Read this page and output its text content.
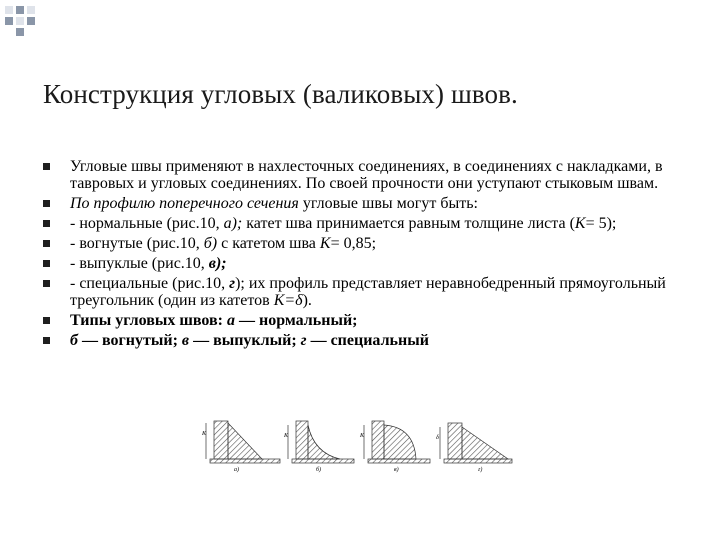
Конструкция угловых (валиковых) швов.
Угловые швы применяют в нахлесточных соединениях, в соединениях с накладками, в тавровых и угловых соединениях. По своей прочности они уступают стыковым швам.
По профилю поперечного сечения угловые швы могут быть:
- нормальные (рис.10, а); катет шва принимается равным толщине листа (K= 5);
- вогнутые (рис.10, б) с катетом шва K= 0,85;
- выпуклые (рис.10, в);
- специальные (рис.10, г); их профиль представляет неравнобедренный прямоугольный треугольник (один из катетов K=δ).
Типы угловых швов: а — нормальный;
б — вогнутый; в — выпуклый; г — специальный
K
а)
K
б)
K
в)
δ
г)
